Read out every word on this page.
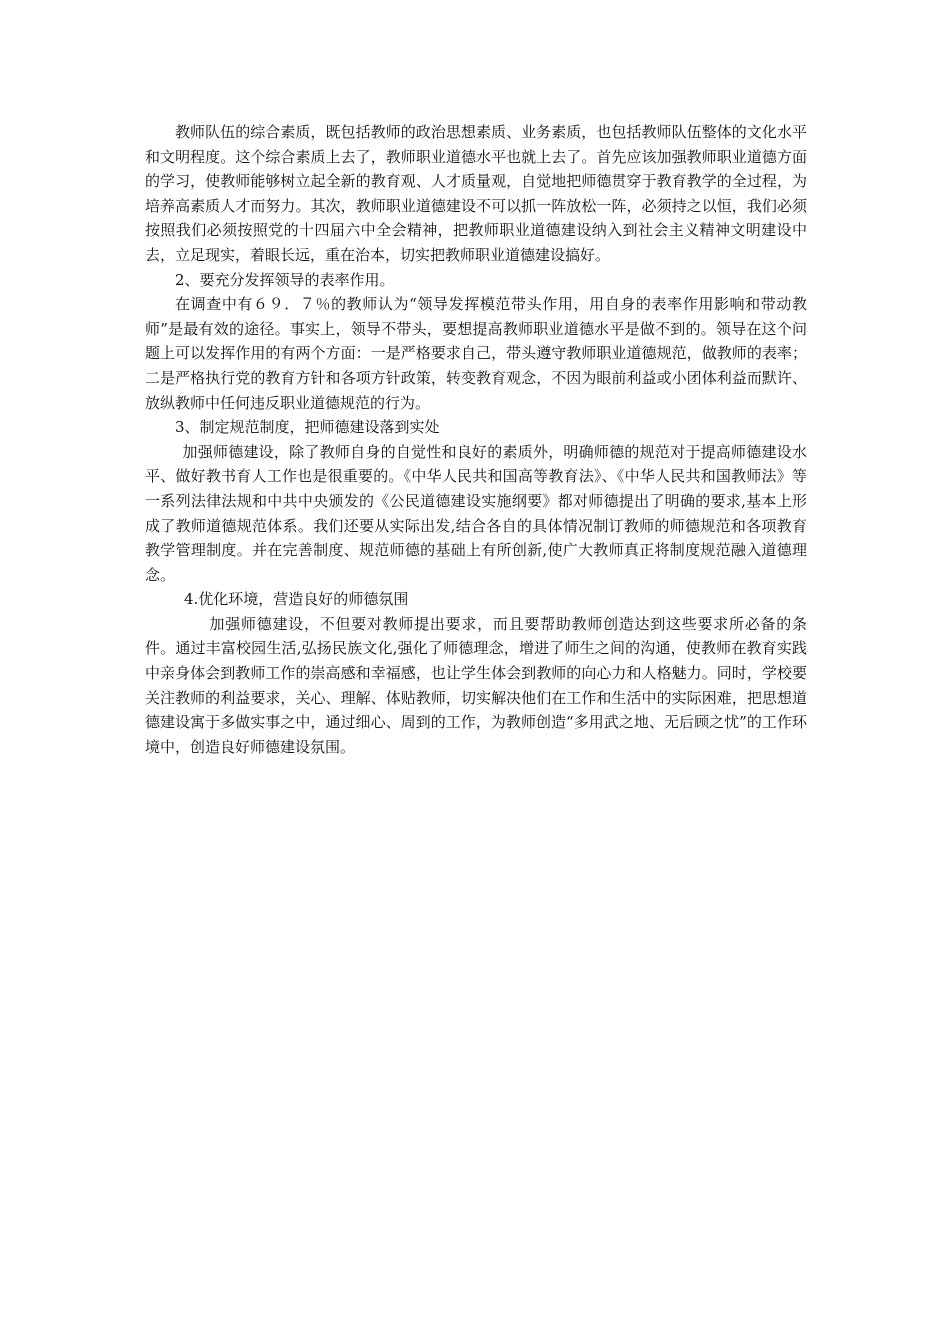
教师队伍的综合素质，既包括教师的政治思想素质、业务素质，也包括教师队伍整体的文化水平和文明程度。这个综合素质上去了，教师职业道德水平也就上去了。首先应该加强教师职业道德方面的学习，使教师能够树立起全新的教育观、人才质量观，自觉地把师德贯穿于教育教学的全过程，为培养高素质人才而努力。其次，教师职业道德建设不可以抓一阵放松一阵，必须持之以恒，我们必须按照我们必须按照党的十四届六中全会精神，把教师职业道德建设纳入到社会主义精神文明建设中去，立足现实，着眼长远，重在治本，切实把教师职业道德建设搞好。

2、要充分发挥领导的表率作用。

在调查中有６９．７％的教师认为“领导发挥模范带头作用，用自身的表率作用影响和带动教师”是最有效的途径。事实上，领导不带头，要想提高教师职业道德水平是做不到的。领导在这个问题上可以发挥作用的有两个方面：一是严格要求自己，带头遵守教师职业道德规范，做教师的表率；二是严格执行党的教育方针和各项方针政策，转变教育观念，不因为眼前利益或小团体利益而默许、放纵教师中任何违反职业道德规范的行为。

3、制定规范制度，把师德建设落到实处

加强师德建设，除了教师自身的自觉性和良好的素质外，明确师德的规范对于提高师德建设水平、做好教书育人工作也是很重要的。《中华人民共和国高等教育法》、《中华人民共和国教师法》等一系列法律法规和中共中央颁发的《公民道德建设实施纲要》都对师德提出了明确的要求,基本上形成了教师道德规范体系。我们还要从实际出发,结合各自的具体情况制订教师的师德规范和各项教育教学管理制度。并在完善制度、规范师德的基础上有所创新,使广大教师真正将制度规范融入道德理念。

4.优化环境，营造良好的师德氛围

加强师德建设，不但要对教师提出要求，而且要帮助教师创造达到这些要求所必备的条件。通过丰富校园生活,弘扬民族文化,强化了师德理念，增进了师生之间的沟通，使教师在教育实践中亲身体会到教师工作的崇高感和幸福感，也让学生体会到教师的向心力和人格魅力。同时，学校要关注教师的利益要求，关心、理解、体贴教师，切实解决他们在工作和生活中的实际困难，把思想道德建设寓于多做实事之中，通过细心、周到的工作，为教师创造“多用武之地、无后顾之忧”的工作环境中，创造良好师德建设氛围。
